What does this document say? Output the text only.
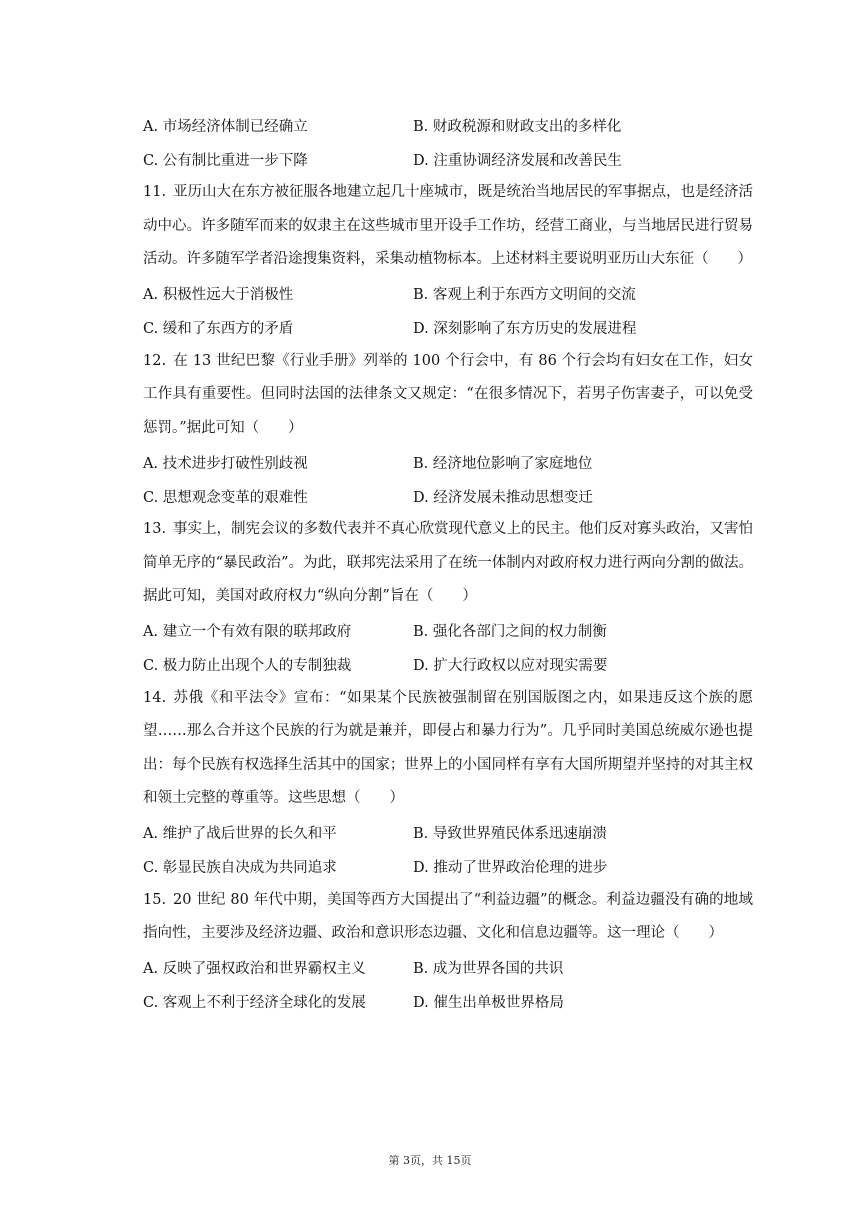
A. 市场经济体制已经确立	B. 财政税源和财政支出的多样化
C. 公有制比重进一步下降	D. 注重协调经济发展和改善民生

11. 亚历山大在东方被征服各地建立起几十座城市，既是统治当地居民的军事据点，也是经济活动中心。许多随军而来的奴隶主在这些城市里开设手工作坊，经营工商业，与当地居民进行贸易活动。许多随军学者沿途搜集资料，采集动植物标本。上述材料主要说明亚历山大东征（　　）

A. 积极性远大于消极性	B. 客观上利于东西方文明间的交流
C. 缓和了东西方的矛盾	D. 深刻影响了东方历史的发展进程

12. 在 13 世纪巴黎《行业手册》列举的 100 个行会中，有 86 个行会均有妇女在工作，妇女工作具有重要性。但同时法国的法律条文又规定：“在很多情况下，若男子伤害妻子，可以免受惩罚。”据此可知（　　）

A. 技术进步打破性别歧视	B. 经济地位影响了家庭地位
C. 思想观念变革的艰难性	D. 经济发展未推动思想变迁

13. 事实上，制宪会议的多数代表并不真心欣赏现代意义上的民主。他们反对寡头政治，又害怕简单无序的“暴民政治”。为此，联邦宪法采用了在统一体制内对政府权力进行两向分割的做法。据此可知，美国对政府权力“纵向分割”旨在（　　）

A. 建立一个有效有限的联邦政府	B. 强化各部门之间的权力制衡
C. 极力防止出现个人的专制独裁	D. 扩大行政权以应对现实需要

14. 苏俄《和平法令》宣布：“如果某个民族被强制留在别国版图之内，如果违反这个族的愿望……那么合并这个民族的行为就是兼并，即侵占和暴力行为”。几乎同时美国总统威尔逊也提出：每个民族有权选择生活其中的国家；世界上的小国同样有享有大国所期望并坚持的对其主权和领土完整的尊重等。这些思想（　　）

A. 维护了战后世界的长久和平	B. 导致世界殖民体系迅速崩溃
C. 彰显民族自决成为共同追求	D. 推动了世界政治伦理的进步

15. 20 世纪 80 年代中期，美国等西方大国提出了“利益边疆”的概念。利益边疆没有确的地域指向性，主要涉及经济边疆、政治和意识形态边疆、文化和信息边疆等。这一理论（　　）

A. 反映了强权政治和世界霸权主义	B. 成为世界各国的共识
C. 客观上不利于经济全球化的发展	D. 催生出单极世界格局
第 3页，共 15页
